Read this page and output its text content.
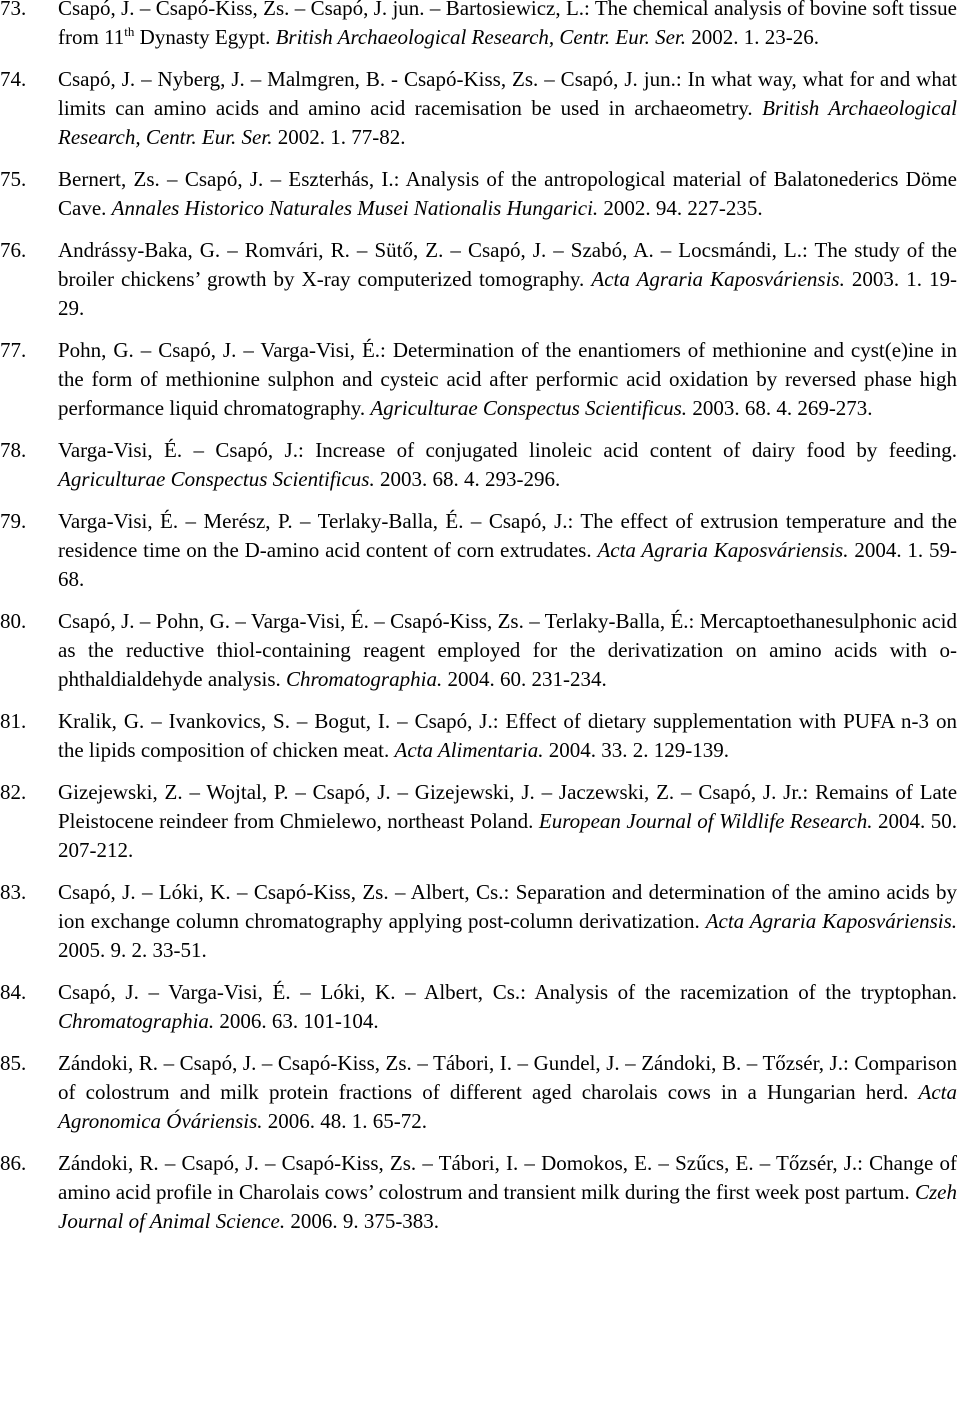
73. Csapó, J. – Csapó-Kiss, Zs. – Csapó, J. jun. – Bartosiewicz, L.: The chemical analysis of bovine soft tissue from 11th Dynasty Egypt. British Archaeological Research, Centr. Eur. Ser. 2002. 1. 23-26.
74. Csapó, J. – Nyberg, J. – Malmgren, B. - Csapó-Kiss, Zs. – Csapó, J. jun.: In what way, what for and what limits can amino acids and amino acid racemisation be used in archaeometry. British Archaeological Research, Centr. Eur. Ser. 2002. 1. 77-82.
75. Bernert, Zs. – Csapó, J. – Eszterhás, I.: Analysis of the antropological material of Balatonederics Döme Cave. Annales Historico Naturales Musei Nationalis Hungarici. 2002. 94. 227-235.
76. Andrássy-Baka, G. – Romvári, R. – Sütő, Z. – Csapó, J. – Szabó, A. – Locsmándi, L.: The study of the broiler chickens’ growth by X-ray computerized tomography. Acta Agraria Kaposváriensis. 2003. 1. 19-29.
77. Pohn, G. – Csapó, J. – Varga-Visi, É.: Determination of the enantiomers of methionine and cyst(e)ine in the form of methionine sulphon and cysteic acid after performic acid oxidation by reversed phase high performance liquid chromatography. Agriculturae Conspectus Scientificus. 2003. 68. 4. 269-273.
78. Varga-Visi, É. – Csapó, J.: Increase of conjugated linoleic acid content of dairy food by feeding. Agriculturae Conspectus Scientificus. 2003. 68. 4. 293-296.
79. Varga-Visi, É. – Merész, P. – Terlaky-Balla, É. – Csapó, J.: The effect of extrusion temperature and the residence time on the D-amino acid content of corn extrudates. Acta Agraria Kaposváriensis. 2004. 1. 59-68.
80. Csapó, J. – Pohn, G. – Varga-Visi, É. – Csapó-Kiss, Zs. – Terlaky-Balla, É.: Mercaptoethanesulphonic acid as the reductive thiol-containing reagent employed for the derivatization on amino acids with o-phthaldialdehyde analysis. Chromatographia. 2004. 60. 231-234.
81. Kralik, G. – Ivankovics, S. – Bogut, I. – Csapó, J.: Effect of dietary supplementation with PUFA n-3 on the lipids composition of chicken meat. Acta Alimentaria. 2004. 33. 2. 129-139.
82. Gizejewski, Z. – Wojtal, P. – Csapó, J. – Gizejewski, J. – Jaczewski, Z. – Csapó, J. Jr.: Remains of Late Pleistocene reindeer from Chmielewo, northeast Poland. European Journal of Wildlife Research. 2004. 50. 207-212.
83. Csapó, J. – Lóki, K. – Csapó-Kiss, Zs. – Albert, Cs.: Separation and determination of the amino acids by ion exchange column chromatography applying post-column derivatization. Acta Agraria Kaposváriensis. 2005. 9. 2. 33-51.
84. Csapó, J. – Varga-Visi, É. – Lóki, K. – Albert, Cs.: Analysis of the racemization of the tryptophan. Chromatographia. 2006. 63. 101-104.
85. Zándoki, R. – Csapó, J. – Csapó-Kiss, Zs. – Tábori, I. – Gundel, J. – Zándoki, B. – Tőzsér, J.: Comparison of colostrum and milk protein fractions of different aged charolais cows in a Hungarian herd. Acta Agronomica Óváriensis. 2006. 48. 1. 65-72.
86. Zándoki, R. – Csapó, J. – Csapó-Kiss, Zs. – Tábori, I. – Domokos, E. – Szűcs, E. – Tőzsér, J.: Change of amino acid profile in Charolais cows’ colostrum and transient milk during the first week post partum. Czeh Journal of Animal Science. 2006. 9. 375-383.
